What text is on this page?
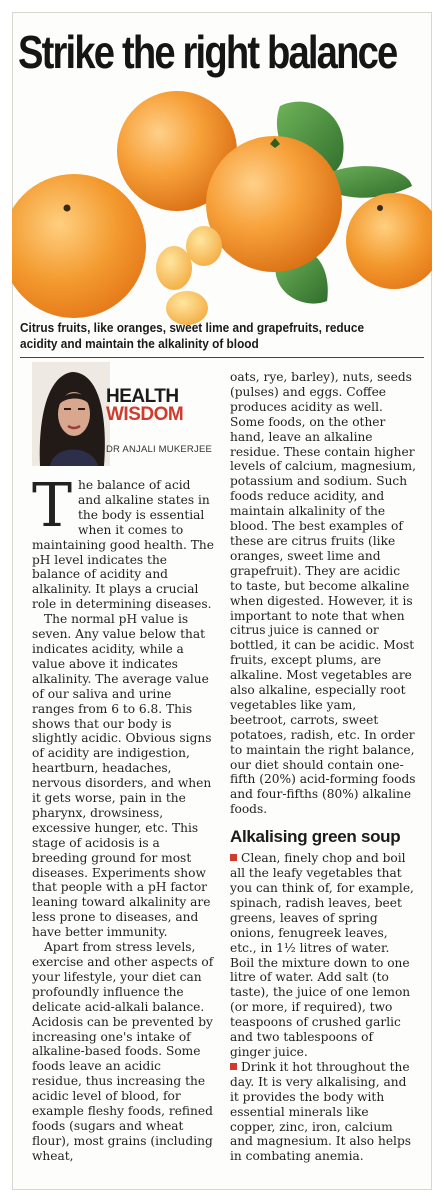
Strike the right balance
Citrus fruits, like oranges, sweet lime and grapefruits, reduce acidity and maintain the alkalinity of blood
HEALTH
WISDOM
DR ANJALI MUKERJEE

The balance of acid and alkaline states in the body is essential when it comes to maintaining good health. The pH level indicates the balance of acidity and alkalinity. It plays a crucial role in determining diseases.

The normal pH value is seven. Any value below that indicates acidity, while a value above it indicates alkalinity. The average value of our saliva and urine ranges from 6 to 6.8. This shows that our body is slightly acidic. Obvious signs of acidity are indigestion, heartburn, headaches, nervous disorders, and when it gets worse, pain in the pharynx, drowsiness, excessive hunger, etc. This stage of acidosis is a breeding ground for most diseases. Experiments show that people with a pH factor leaning toward alkalinity are less prone to diseases, and have better immunity.

Apart from stress levels, exercise and other aspects of your lifestyle, your diet can profoundly influence the delicate acid-alkali balance. Acidosis can be prevented by increasing one's intake of alkaline-based foods. Some foods leave an acidic residue, thus increasing the acidic level of blood, for example fleshy foods, refined foods (sugars and wheat flour), most grains (including wheat,

oats, rye, barley), nuts, seeds (pulses) and eggs. Coffee produces acidity as well. Some foods, on the other hand, leave an alkaline residue. These contain higher levels of calcium, magnesium, potassium and sodium. Such foods reduce acidity, and maintain alkalinity of the blood. The best examples of these are citrus fruits (like oranges, sweet lime and grapefruit). They are acidic to taste, but become alkaline when digested. However, it is important to note that when citrus juice is canned or bottled, it can be acidic. Most fruits, except plums, are alkaline. Most vegetables are also alkaline, especially root vegetables like yam, beetroot, carrots, sweet potatoes, radish, etc. In order to maintain the right balance, our diet should contain one-fifth (20%) acid-forming foods and four-fifths (80%) alkaline foods.

Alkalising green soup

Clean, finely chop and boil all the leafy vegetables that you can think of, for example, spinach, radish leaves, beet greens, leaves of spring onions, fenugreek leaves, etc., in 1½ litres of water. Boil the mixture down to one litre of water. Add salt (to taste), the juice of one lemon (or more, if required), two teaspoons of crushed garlic and two tablespoons of ginger juice.

Drink it hot throughout the day. It is very alkalising, and it provides the body with essential minerals like copper, zinc, iron, calcium and magnesium. It also helps in combating anemia.
